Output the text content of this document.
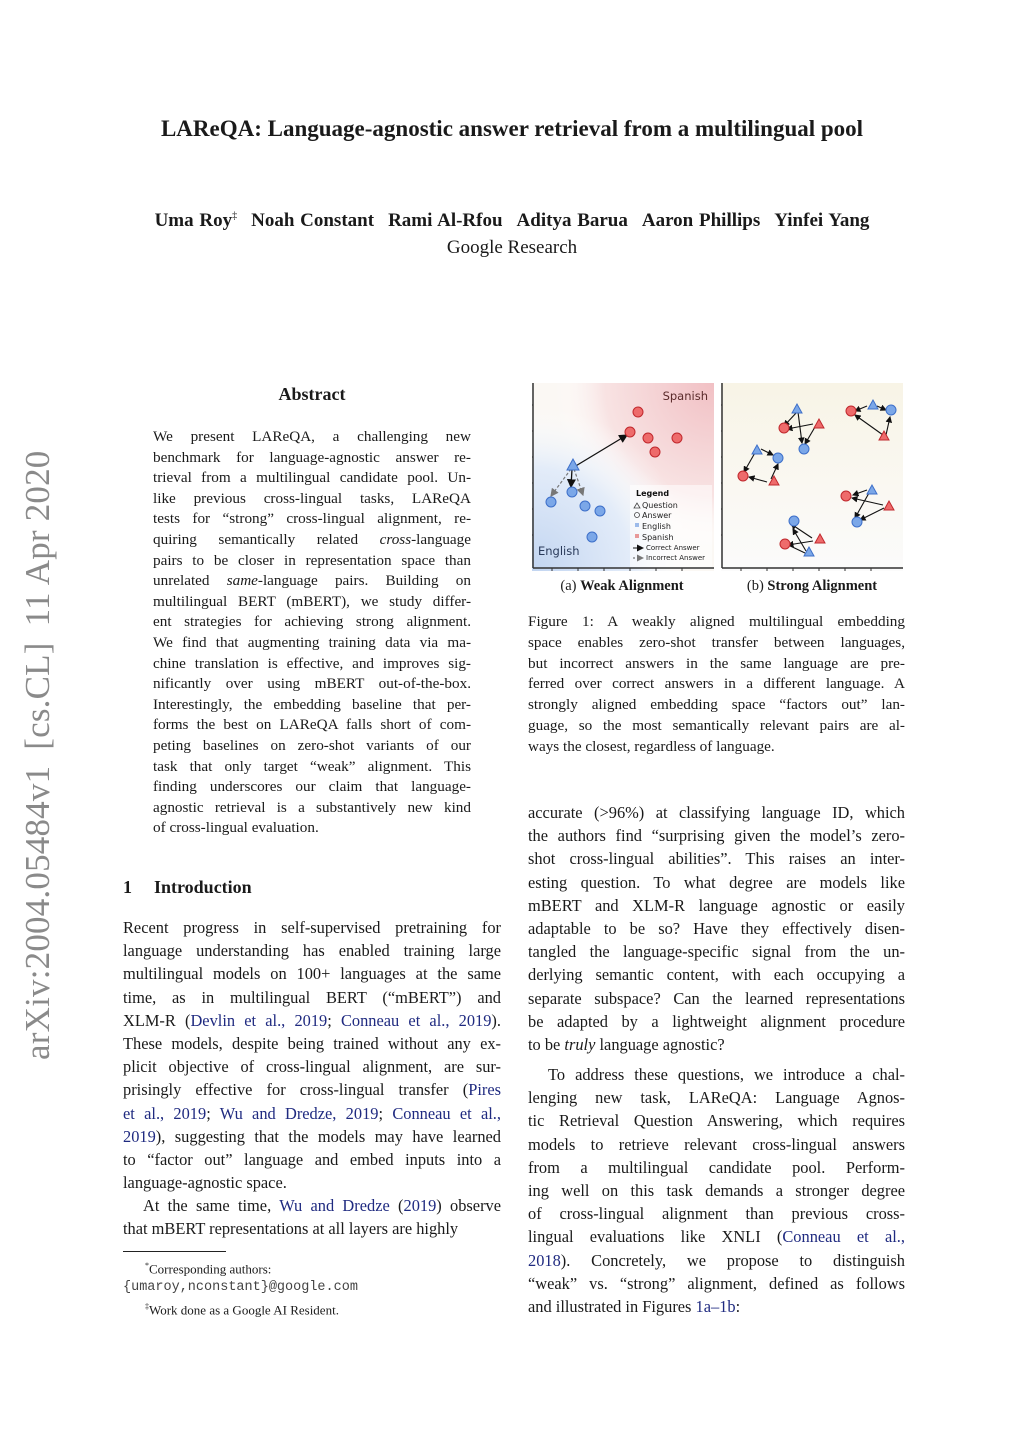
LAReQA: Language-agnostic answer retrieval from a multilingual pool
Uma Roy‡ Noah Constant Rami Al-Rfou Aditya Barua Aaron Phillips Yinfei Yang
Google Research
arXiv:2004.05484v1[cs.CL]11 Apr 2020
Abstract
We present LAReQA, a challenging new
benchmark for language-agnostic answer re-
trieval from a multilingual candidate pool. Un-
like previous cross-lingual tasks, LAReQA
tests for “strong” cross-lingual alignment, re-
quiring semantically related cross-language
pairs to be closer in representation space than
unrelated same-language pairs. Building on
multilingual BERT (mBERT), we study differ-
ent strategies for achieving strong alignment.
We find that augmenting training data via ma-
chine translation is effective, and improves sig-
nificantly over using mBERT out-of-the-box.
Interestingly, the embedding baseline that per-
forms the best on LAReQA falls short of com-
peting baselines on zero-shot variants of our
task that only target “weak” alignment. This
finding underscores our claim that language-
agnostic retrieval is a substantively new kind
of cross-lingual evaluation.
1 Introduction
Recent progress in self-supervised pretraining for
language understanding has enabled training large
multilingual models on 100+ languages at the same
time, as in multilingual BERT (“mBERT”) and
XLM-R (Devlin et al., 2019; Conneau et al., 2019).
These models, despite being trained without any ex-
plicit objective of cross-lingual alignment, are sur-
prisingly effective for cross-lingual transfer (Pires
et al., 2019; Wu and Dredze, 2019; Conneau et al.,
2019), suggesting that the models may have learned
to “factor out” language and embed inputs into a
language-agnostic space.
At the same time, Wu and Dredze (2019) observe
that mBERT representations at all layers are highly
*Corresponding authors:
{umaroy,nconstant}@google.com
‡Work done as a Google AI Resident.
Spanish
English
Legend
Question
Answer
English
Spanish
Correct Answer
Incorrect Answer
(a) Weak Alignment	(b) Strong Alignment
Figure 1: A weakly aligned multilingual embedding
space enables zero-shot transfer between languages,
but incorrect answers in the same language are pre-
ferred over correct answers in a different language. A
strongly aligned embedding space “factors out” lan-
guage, so the most semantically relevant pairs are al-
ways the closest, regardless of language.
accurate (>96%) at classifying language ID, which
the authors find “surprising given the model’s zero-
shot cross-lingual abilities”. This raises an inter-
esting question. To what degree are models like
mBERT and XLM-R language agnostic or easily
adaptable to be so? Have they effectively disen-
tangled the language-specific signal from the un-
derlying semantic content, with each occupying a
separate subspace? Can the learned representations
be adapted by a lightweight alignment procedure
to be truly language agnostic?
To address these questions, we introduce a chal-
lenging new task, LAReQA: Language Agnos-
tic Retrieval Question Answering, which requires
models to retrieve relevant cross-lingual answers
from a multilingual candidate pool. Perform-
ing well on this task demands a stronger degree
of cross-lingual alignment than previous cross-
lingual evaluations like XNLI (Conneau et al.,
2018). Concretely, we propose to distinguish
“weak” vs. “strong” alignment, defined as follows
and illustrated in Figures 1a–1b:
